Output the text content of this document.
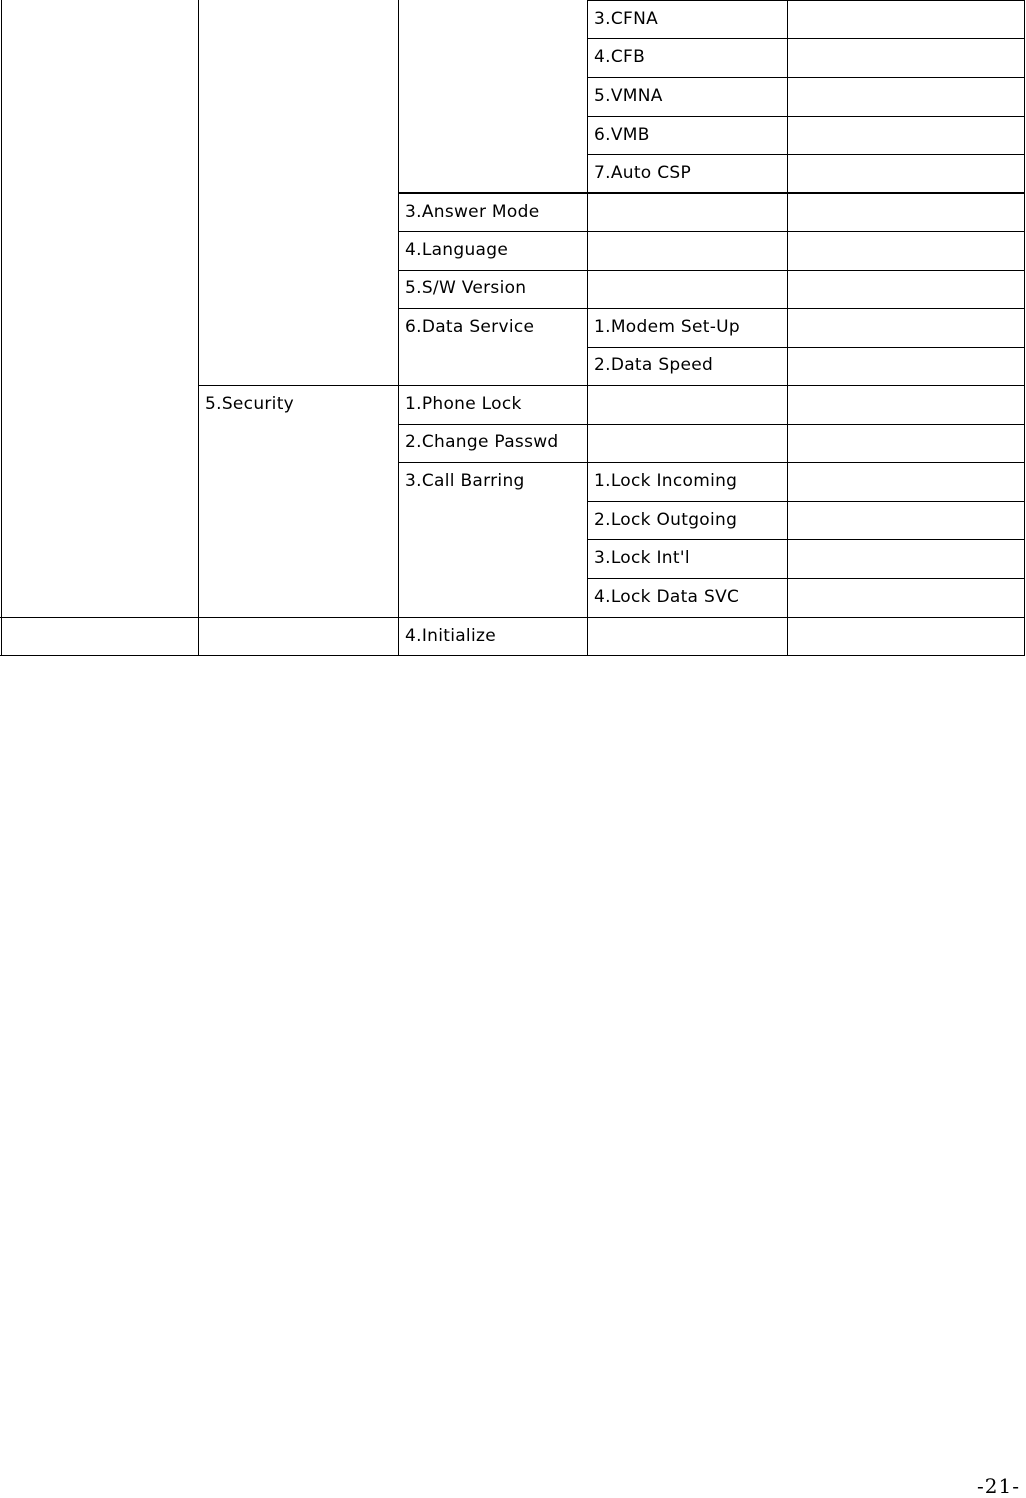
3.CFNA
4.CFB
5.VMNA
6.VMB
7.Auto CSP
3.Answer Mode
4.Language
5.S/W Version
6.Data Service	1.Modem Set-Up
2.Data Speed
5.Security	1.Phone Lock
2.Change Passwd
3.Call Barring	1.Lock Incoming
2.Lock Outgoing
3.Lock Int'l
4.Lock Data SVC
4.Initialize
-21-
